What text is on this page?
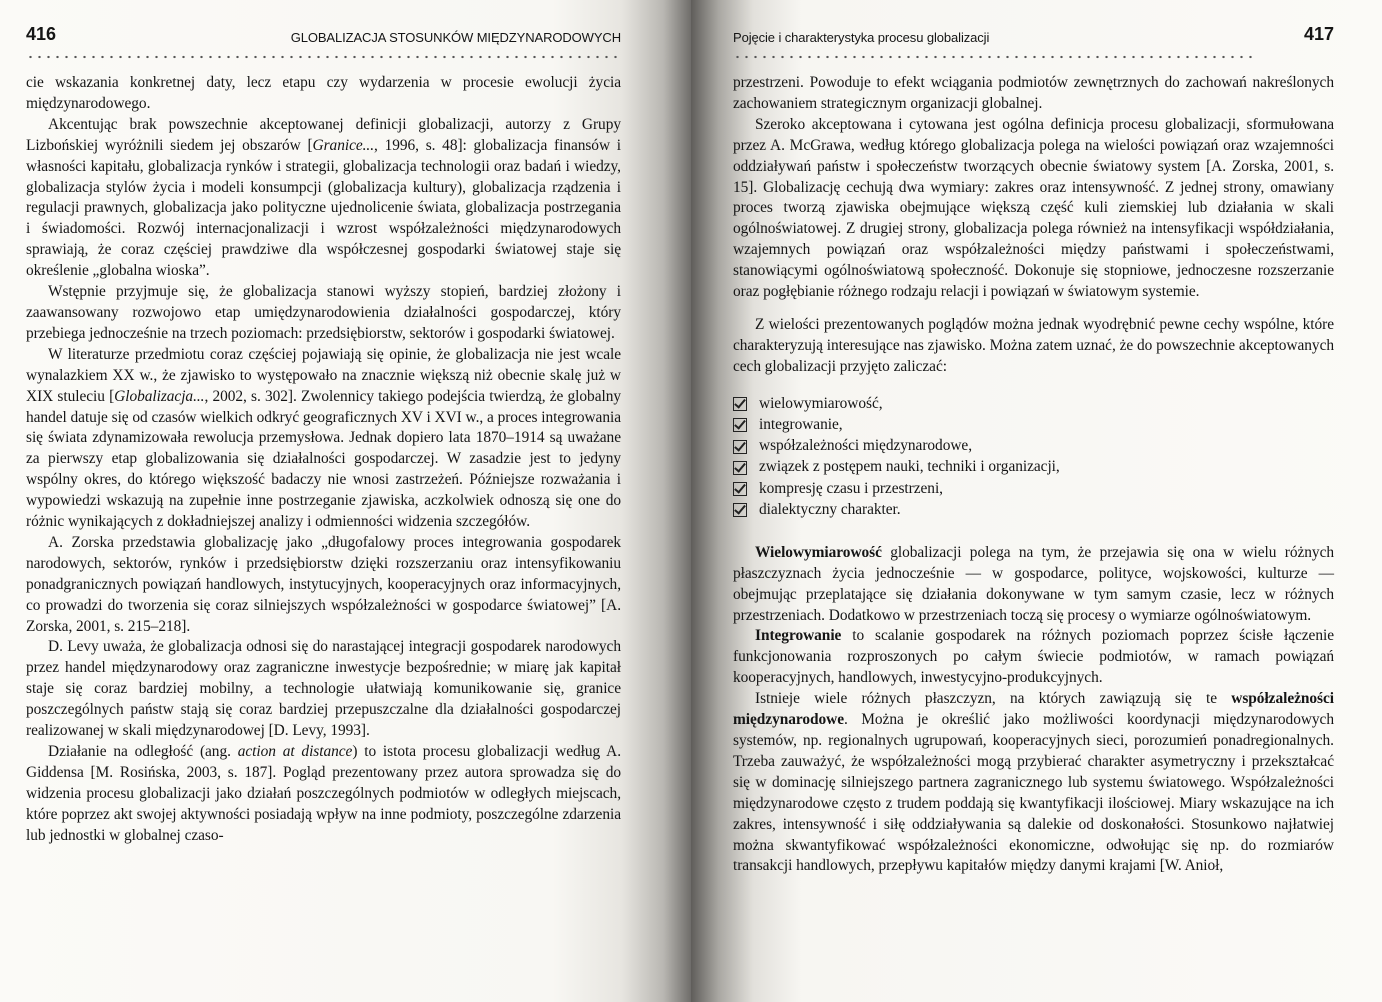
416	GLOBALIZACJA STOSUNKÓW MIĘDZYNARODOWYCH

cie wskazania konkretnej daty, lecz etapu czy wydarzenia w procesie ewolucji życia międzynarodowego.

Akcentując brak powszechnie akceptowanej definicji globalizacji, autorzy z Grupy Lizbońskiej wyróżnili siedem jej obszarów [Granice..., 1996, s. 48]: globalizacja finansów i własności kapitału, globalizacja rynków i strategii, globalizacja technologii oraz badań i wiedzy, globalizacja stylów życia i modeli konsumpcji (globalizacja kultury), globalizacja rządzenia i regulacji prawnych, globalizacja jako polityczne ujednolicenie świata, globalizacja postrzegania i świadomości. Rozwój internacjonalizacji i wzrost współzależności międzynarodowych sprawiają, że coraz częściej prawdziwe dla współczesnej gospodarki światowej staje się określenie „globalna wioska”.

Wstępnie przyjmuje się, że globalizacja stanowi wyższy stopień, bardziej złożony i zaawansowany rozwojowo etap umiędzynarodowienia działalności gospodarczej, który przebiega jednocześnie na trzech poziomach: przedsiębiorstw, sektorów i gospodarki światowej.

W literaturze przedmiotu coraz częściej pojawiają się opinie, że globalizacja nie jest wcale wynalazkiem XX w., że zjawisko to występowało na znacznie większą niż obecnie skalę już w XIX stuleciu [Globalizacja..., 2002, s. 302]. Zwolennicy takiego podejścia twierdzą, że globalny handel datuje się od czasów wielkich odkryć geograficznych XV i XVI w., a proces integrowania się świata zdynamizowała rewolucja przemysłowa. Jednak dopiero lata 1870–1914 są uważane za pierwszy etap globalizowania się działalności gospodarczej. W zasadzie jest to jedyny wspólny okres, do którego większość badaczy nie wnosi zastrzeżeń. Późniejsze rozważania i wypowiedzi wskazują na zupełnie inne postrzeganie zjawiska, aczkolwiek odnoszą się one do różnic wynikających z dokładniejszej analizy i odmienności widzenia szczegółów.

A. Zorska przedstawia globalizację jako „długofalowy proces integrowania gospodarek narodowych, sektorów, rynków i przedsiębiorstw dzięki rozszerzaniu oraz intensyfikowaniu ponadgranicznych powiązań handlowych, instytucyjnych, kooperacyjnych oraz informacyjnych, co prowadzi do tworzenia się coraz silniejszych współzależności w gospodarce światowej” [A. Zorska, 2001, s. 215–218].

D. Levy uważa, że globalizacja odnosi się do narastającej integracji gospodarek narodowych przez handel międzynarodowy oraz zagraniczne inwestycje bezpośrednie; w miarę jak kapitał staje się coraz bardziej mobilny, a technologie ułatwiają komunikowanie się, granice poszczególnych państw stają się coraz bardziej przepuszczalne dla działalności gospodarczej realizowanej w skali międzynarodowej [D. Levy, 1993].

Działanie na odległość (ang. action at distance) to istota procesu globalizacji według A. Giddensa [M. Rosińska, 2003, s. 187]. Pogląd prezentowany przez autora sprowadza się do widzenia procesu globalizacji jako działań poszczególnych podmiotów w odległych miejscach, które poprzez akt swojej aktywności posiadają wpływ na inne podmioty, poszczególne zdarzenia lub jednostki w globalnej czaso-

Pojęcie i charakterystyka procesu globalizacji	417

przestrzeni. Powoduje to efekt wciągania podmiotów zewnętrznych do zachowań nakreślonych zachowaniem strategicznym organizacji globalnej.

Szeroko akceptowana i cytowana jest ogólna definicja procesu globalizacji, sformułowana przez A. McGrawa, według którego globalizacja polega na wielości powiązań oraz wzajemności oddziaływań państw i społeczeństw tworzących obecnie światowy system [A. Zorska, 2001, s. 15]. Globalizację cechują dwa wymiary: zakres oraz intensywność. Z jednej strony, omawiany proces tworzą zjawiska obejmujące większą część kuli ziemskiej lub działania w skali ogólnoświatowej. Z drugiej strony, globalizacja polega również na intensyfikacji współdziałania, wzajemnych powiązań oraz współzależności między państwami i społeczeństwami, stanowiącymi ogólnoświatową społeczność. Dokonuje się stopniowe, jednoczesne rozszerzanie oraz pogłębianie różnego rodzaju relacji i powiązań w światowym systemie.

Z wielości prezentowanych poglądów można jednak wyodrębnić pewne cechy wspólne, które charakteryzują interesujące nas zjawisko. Można zatem uznać, że do powszechnie akceptowanych cech globalizacji przyjęto zaliczać:

wielowymiarowość,
integrowanie,
współzależności międzynarodowe,
związek z postępem nauki, techniki i organizacji,
kompresję czasu i przestrzeni,
dialektyczny charakter.

Wielowymiarowość globalizacji polega na tym, że przejawia się ona w wielu różnych płaszczyznach życia jednocześnie — w gospodarce, polityce, wojskowości, kulturze — obejmując przeplatające się działania dokonywane w tym samym czasie, lecz w różnych przestrzeniach. Dodatkowo w przestrzeniach toczą się procesy o wymiarze ogólnoświatowym.

Integrowanie to scalanie gospodarek na różnych poziomach poprzez ścisłe łączenie funkcjonowania rozproszonych po całym świecie podmiotów, w ramach powiązań kooperacyjnych, handlowych, inwestycyjno-produkcyjnych.

Istnieje wiele różnych płaszczyzn, na których zawiązują się te współzależności międzynarodowe. Można je określić jako możliwości koordynacji międzynarodowych systemów, np. regionalnych ugrupowań, kooperacyjnych sieci, porozumień ponadregionalnych. Trzeba zauważyć, że współzależności mogą przybierać charakter asymetryczny i przekształcać się w dominację silniejszego partnera zagranicznego lub systemu światowego. Współzależności międzynarodowe często z trudem poddają się kwantyfikacji ilościowej. Miary wskazujące na ich zakres, intensywność i siłę oddziaływania są dalekie od doskonałości. Stosunkowo najłatwiej można skwantyfikować współzależności ekonomiczne, odwołując się np. do rozmiarów transakcji handlowych, przepływu kapitałów między danymi krajami [W. Anioł,
